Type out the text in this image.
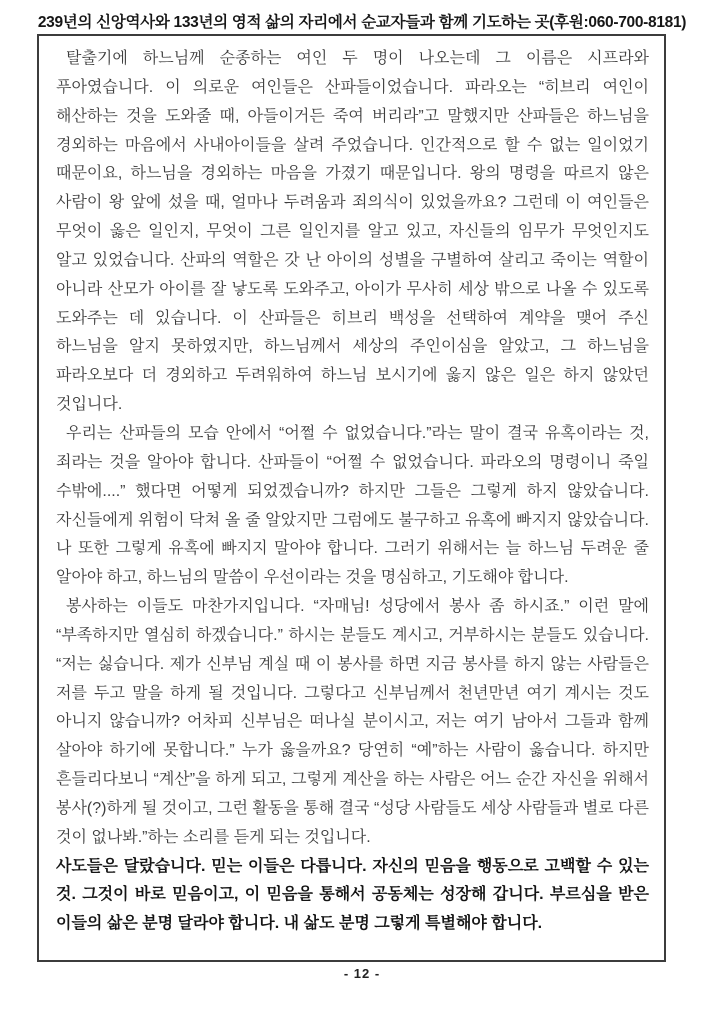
239년의 신앙역사와 133년의 영적 삶의 자리에서 순교자들과 함께 기도하는 곳(후원:060-700-8181)

탈출기에 하느님께 순종하는 여인 두 명이 나오는데 그 이름은 시프라와 푸아였습니다. 이 의로운 여인들은 산파들이었습니다. 파라오는 “히브리 여인이 해산하는 것을 도와줄 때, 아들이거든 죽여 버리라”고 말했지만 산파들은 하느님을 경외하는 마음에서 사내아이들을 살려 주었습니다. 인간적으로 할 수 없는 일이었기 때문이요, 하느님을 경외하는 마음을 가졌기 때문입니다. 왕의 명령을 따르지 않은 사람이 왕 앞에 섰을 때, 얼마나 두려움과 죄의식이 있었을까요? 그런데 이 여인들은 무엇이 옳은 일인지, 무엇이 그른 일인지를 알고 있고, 자신들의 임무가 무엇인지도 알고 있었습니다. 산파의 역할은 갓 난 아이의 성별을 구별하여 살리고 죽이는 역할이 아니라 산모가 아이를 잘 낳도록 도와주고, 아이가 무사히 세상 밖으로 나올 수 있도록 도와주는 데 있습니다. 이 산파들은 히브리 백성을 선택하여 계약을 맺어 주신 하느님을 알지 못하였지만, 하느님께서 세상의 주인이심을 알았고, 그 하느님을 파라오보다 더 경외하고 두려워하여 하느님 보시기에 옳지 않은 일은 하지 않았던 것입니다.

우리는 산파들의 모습 안에서 “어쩔 수 없었습니다.”라는 말이 결국 유혹이라는 것, 죄라는 것을 알아야 합니다. 산파들이 “어쩔 수 없었습니다. 파라오의 명령이니 죽일 수밖에....” 했다면 어떻게 되었겠습니까? 하지만 그들은 그렇게 하지 않았습니다. 자신들에게 위험이 닥쳐 올 줄 알았지만 그럼에도 불구하고 유혹에 빠지지 않았습니다. 나 또한 그렇게 유혹에 빠지지 말아야 합니다. 그러기 위해서는 늘 하느님 두려운 줄 알아야 하고, 하느님의 말씀이 우선이라는 것을 명심하고, 기도해야 합니다.

봉사하는 이들도 마찬가지입니다. “자매님! 성당에서 봉사 좀 하시죠.” 이런 말에 “부족하지만 열심히 하겠습니다.” 하시는 분들도 계시고, 거부하시는 분들도 있습니다. “저는 싫습니다. 제가 신부님 계실 때 이 봉사를 하면 지금 봉사를 하지 않는 사람들은 저를 두고 말을 하게 될 것입니다. 그렇다고 신부님께서 천년만년 여기 계시는 것도 아니지 않습니까? 어차피 신부님은 떠나실 분이시고, 저는 여기 남아서 그들과 함께 살아야 하기에 못합니다.” 누가 옳을까요? 당연히 “예”하는 사람이 옳습니다. 하지만 흔들리다보니 “계산”을 하게 되고, 그렇게 계산을 하는 사람은 어느 순간 자신을 위해서 봉사(?)하게 될 것이고, 그런 활동을 통해 결국 “성당 사람들도 세상 사람들과 별로 다른 것이 없나봐.”하는 소리를 듣게 되는 것입니다.

사도들은 달랐습니다. 믿는 이들은 다릅니다. 자신의 믿음을 행동으로 고백할 수 있는 것. 그것이 바로 믿음이고, 이 믿음을 통해서 공동체는 성장해 갑니다. 부르심을 받은 이들의 삶은 분명 달라야 합니다. 내 삶도 분명 그렇게 특별해야 합니다.

- 12 -
